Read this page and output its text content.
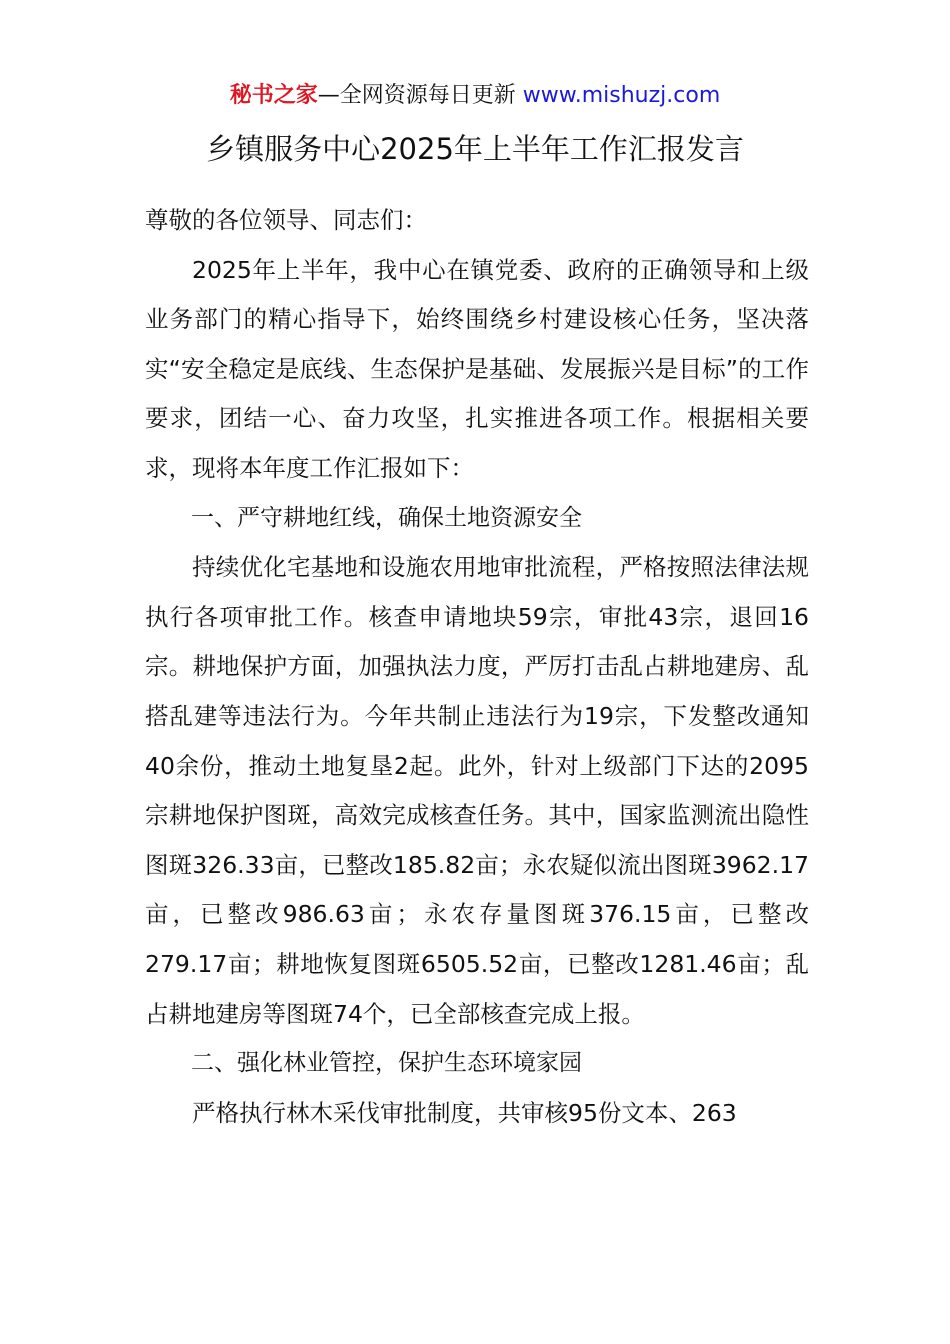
秘书之家—全网资源每日更新 www.mishuzj.com
乡镇服务中心2025年上半年工作汇报发言

尊敬的各位领导、同志们：

2025年上半年，我中心在镇党委、政府的正确领导和上级业务部门的精心指导下，始终围绕乡村建设核心任务，坚决落实“安全稳定是底线、生态保护是基础、发展振兴是目标”的工作要求，团结一心、奋力攻坚，扎实推进各项工作。根据相关要求，现将本年度工作汇报如下：

一、严守耕地红线，确保土地资源安全

持续优化宅基地和设施农用地审批流程，严格按照法律法规执行各项审批工作。核查申请地块59宗，审批43宗，退回16宗。耕地保护方面，加强执法力度，严厉打击乱占耕地建房、乱搭乱建等违法行为。今年共制止违法行为19宗，下发整改通知40余份，推动土地复垦2起。此外，针对上级部门下达的2095宗耕地保护图斑，高效完成核查任务。其中，国家监测流出隐性图斑326.33亩，已整改185.82亩；永农疑似流出图斑3962.17亩，已整改986.63亩；永农存量图斑376.15亩，已整改279.17亩；耕地恢复图斑6505.52亩，已整改1281.46亩；乱占耕地建房等图斑74个，已全部核查完成上报。

二、强化林业管控，保护生态环境家园

严格执行林木采伐审批制度，共审核95份文本、263
